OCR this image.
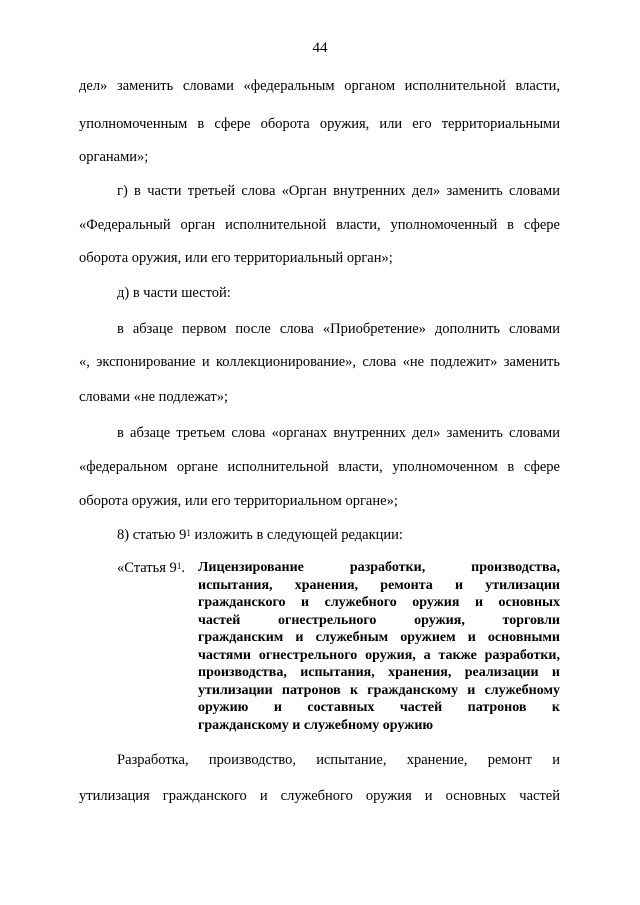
44
дел» заменить словами «федеральным органом исполнительной власти,
уполномоченным в сфере оборота оружия, или его территориальными
органами»;
г) в части третьей слова «Орган внутренних дел» заменить словами
«Федеральный орган исполнительной власти, уполномоченный в сфере
оборота оружия, или его территориальный орган»;
д) в части шестой:
в абзаце первом после слова «Приобретение» дополнить словами
«, экспонирование и коллекционирование», слова «не подлежит» заменить
словами «не подлежат»;
в абзаце третьем слова «органах внутренних дел» заменить словами
«федеральном органе исполнительной власти, уполномоченном в сфере
оборота оружия, или его территориальном органе»;
8) статью $9^1$ изложить в следующей редакции:
«Статья $9^1$. Лицензирование разработки, производства,
испытания, хранения, ремонта и утилизации
гражданского и служебного оружия и основных
частей огнестрельного оружия, торговли
гражданским и служебным оружием и основными
частями огнестрельного оружия, а также разработки,
производства, испытания, хранения, реализации и
утилизации патронов к гражданскому и служебному
оружию и составных частей патронов к
гражданскому и служебному оружию
Разработка, производство, испытание, хранение, ремонт и
утилизация гражданского и служебного оружия и основных частей
